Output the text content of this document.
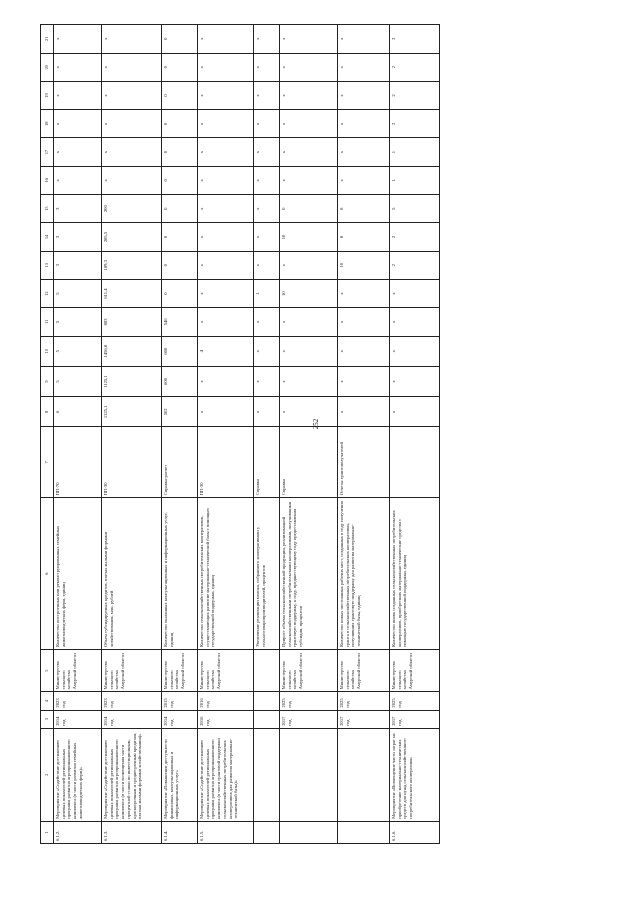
252
1	2	3	4	5	6	7	8	9	10	11	12	13	14	15	16	17	18	19	20	21
6.1.2.	Мероприятие «Содействие достижению целевых показателей региональных программ развития агропромышленного комплекса (в части развития семейных животноводческих ферм)»	2014 год	2023 год	Министерство сельского хозяйства Амурской области	Количество построенных или реконструированных семейных животноводческих ферм, единиц	ПП-70	6	5	5	5	5	3	3	3	х	х	х	х	х	х
6.1.3.	Мероприятие «Содействие достижению целевых показателей региональных программ развития агропромышленного комплекса (в части возмещения части процентной ставки по инвестиционным, краткосрочным и среднесрочным кредитам, взятым малыми формами хозяйствования)»	2014 год	2023 год	Министерство сельского хозяйства Амурской области	Объем субсидируемых кредитов, взятых малыми формами хозяйствования, млн. рублей	ПП-30	1125,1	1125,1	1456,8	883	611,4	189,3	285,5	200	х	х	х	х	х	х
6.1.4.	Мероприятие «Повышение доступности финансовых, консультационных и информационных услуг»	2014 год	2015 год	Министерство сельского хозяйства Амурской области	Количество оказанных консультационных и информационных услуг, единиц	Справка-расчет	502	600	600	546	0	0	0	0	0	0	0	0	0	0
6.1.5.	Мероприятие «Содействие достижению целевых показателей региональных программ развития агропромышленного комплекса (в части грантовой поддержки сельскохозяйственных потребительских кооперативов для развития материально-технической базы)»	2016 год	2016 год	Министерство сельского хозяйства Амурской области	Количество сельскохозяйственных потребительских кооперативов, осуществляющих развитие материально-технической базы с помощью государственной поддержки, единиц	ПП-30	х	х	4	х	х	х	х	х	х	х	х	х	х	х
					Увеличение реализации молока, собранного кооперативами у сельхозтоваропроизводителей, процентов	Справка	х	х	х	х	1	х	х	х	х	х	х	х	х	х
		2017 год	2025 год	Министерство сельского хозяйства Амурской области	Прирост объема сельскохозяйственной продукции, реализованной сельскохозяйственными потребительскими кооперативами, получившими грантовую поддержку, к году, предшествующему году предоставления субсидии, процентов	Справка	х	х	х	х	10	х	10	0	х	х	х	х	х	х
		2017 год	2025 год	Министерство сельского хозяйства Амурской области	Количество новых постоянных рабочих мест, созданных в году получения гранта в сельскохозяйственных потребительских кооперативах, получивших грантовую поддержку для развития материально-технической базы, единиц	Отчеты грантополучателей	х	х	х	х	х	10	8	8	х	х	х	х	х	х
6.1.6.	Мероприятие «Возмещение части затрат на приобретение материально-технических средств для нужд сельскохозяйственного потребительского кооператива»	2017 год	2025 год	Министерство сельского хозяйства Амурской области	Количество вновь созданных сельскохозяйственных потребительских кооперативов, приобретших материально-технические средства с помощью государственной поддержки, единиц		х	х	х	х	х	2	2	5	1	1	2	2	2	2
